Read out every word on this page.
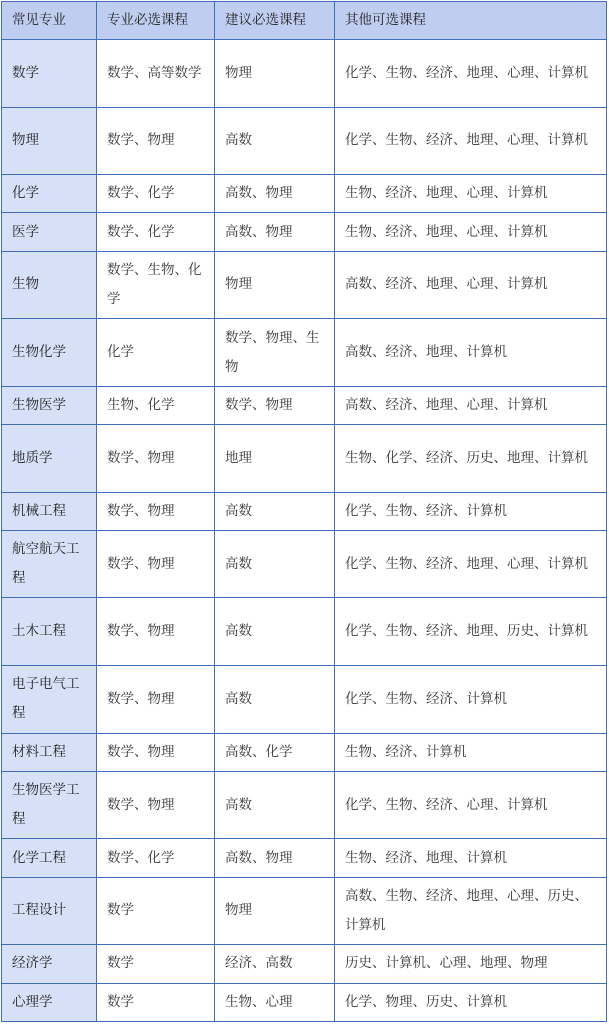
常见专业	专业必选课程	建议必选课程	其他可选课程
数学	数学、高等数学	物理	化学、生物、经济、地理、心理、计算机
物理	数学、物理	高数	化学、生物、经济、地理、心理、计算机
化学	数学、化学	高数、物理	生物、经济、地理、心理、计算机
医学	数学、化学	高数、物理	生物、经济、地理、心理、计算机
生物	数学、生物、化学	物理	高数、经济、地理、心理、计算机
生物化学	化学	数学、物理、生物	高数、经济、地理、计算机
生物医学	生物、化学	数学、物理	高数、经济、地理、心理、计算机
地质学	数学、物理	地理	生物、化学、经济、历史、地理、计算机
机械工程	数学、物理	高数	化学、生物、经济、计算机
航空航天工程	数学、物理	高数	化学、生物、经济、地理、心理、计算机
土木工程	数学、物理	高数	化学、生物、经济、地理、历史、计算机
电子电气工程	数学、物理	高数	化学、生物、经济、计算机
材料工程	数学、物理	高数、化学	生物、经济、计算机
生物医学工程	数学、物理	高数	化学、生物、经济、心理、计算机
化学工程	数学、化学	高数、物理	生物、经济、地理、计算机
工程设计	数学	物理	高数、生物、经济、地理、心理、历史、计算机
经济学	数学	经济、高数	历史、计算机、心理、地理、物理
心理学	数学	生物、心理	化学、物理、历史、计算机
